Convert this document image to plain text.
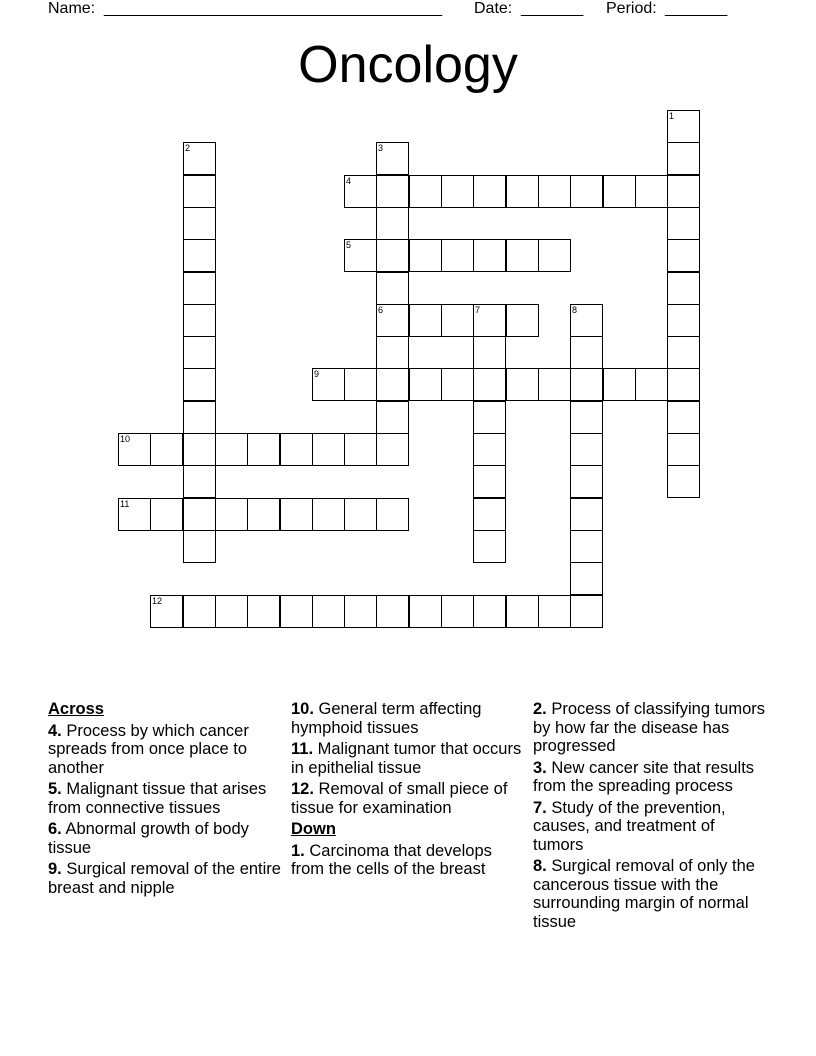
Name: ______________________________________ Date: _______ Period: _______
Oncology
1
2	3
6
4
5
7	8
9
10
11
12
Across
4. Process by which cancer spreads from once place to another
5. Malignant tissue that arises from connective tissues
6. Abnormal growth of body tissue
9. Surgical removal of the entire breast and nipple
10. General term affecting hymphoid tissues
11. Malignant tumor that occurs in epithelial tissue
12. Removal of small piece of tissue for examination
Down
1. Carcinoma that develops from the cells of the breast
2. Process of classifying tumors by how far the disease has progressed
3. New cancer site that results from the spreading process
7. Study of the prevention, causes, and treatment of tumors
8. Surgical removal of only the cancerous tissue with the surrounding margin of normal tissue
